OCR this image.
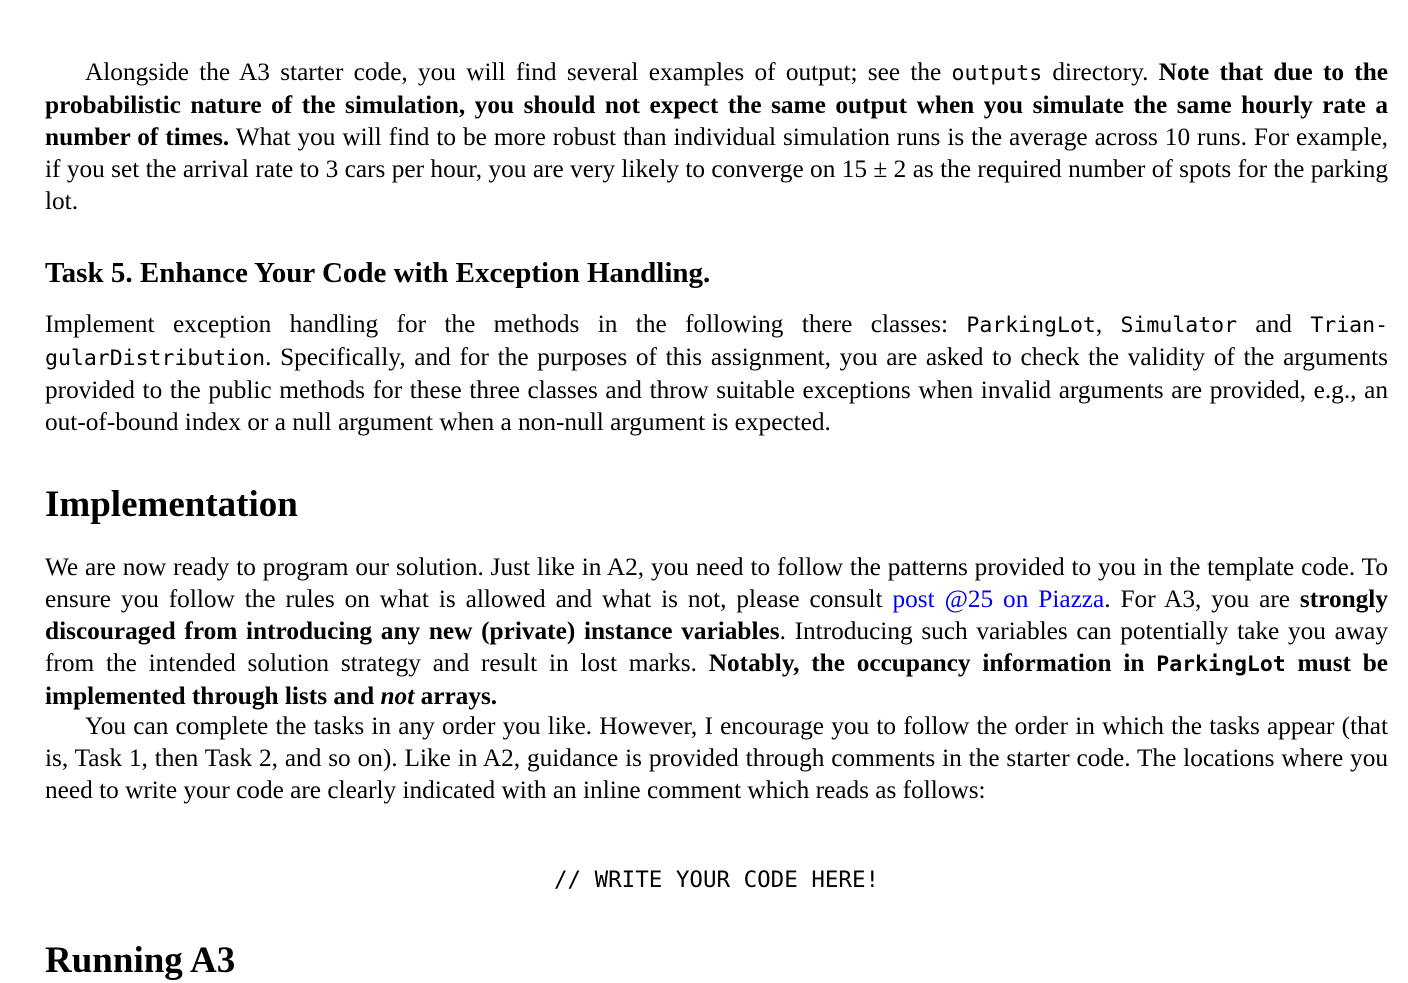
Alongside the A3 starter code, you will find several examples of output; see the outputs directory. Note that due to the probabilistic nature of the simulation, you should not expect the same output when you simulate the same hourly rate a number of times. What you will find to be more robust than individual simulation runs is the average across 10 runs. For example, if you set the arrival rate to 3 cars per hour, you are very likely to converge on 15 ± 2 as the required number of spots for the parking lot.

Task 5. Enhance Your Code with Exception Handling.

Implement exception handling for the methods in the following there classes: ParkingLot, Simulator and TriangularDistribution. Specifically, and for the purposes of this assignment, you are asked to check the validity of the arguments provided to the public methods for these three classes and throw suitable exceptions when invalid arguments are provided, e.g., an out-of-bound index or a null argument when a non-null argument is expected.

Implementation

We are now ready to program our solution. Just like in A2, you need to follow the patterns provided to you in the template code. To ensure you follow the rules on what is allowed and what is not, please consult post @25 on Piazza. For A3, you are strongly discouraged from introducing any new (private) instance variables. Introducing such variables can potentially take you away from the intended solution strategy and result in lost marks. Notably, the occupancy information in ParkingLot must be implemented through lists and not arrays.

You can complete the tasks in any order you like. However, I encourage you to follow the order in which the tasks appear (that is, Task 1, then Task 2, and so on). Like in A2, guidance is provided through comments in the starter code. The locations where you need to write your code are clearly indicated with an inline comment which reads as follows:

// WRITE YOUR CODE HERE!

Running A3
